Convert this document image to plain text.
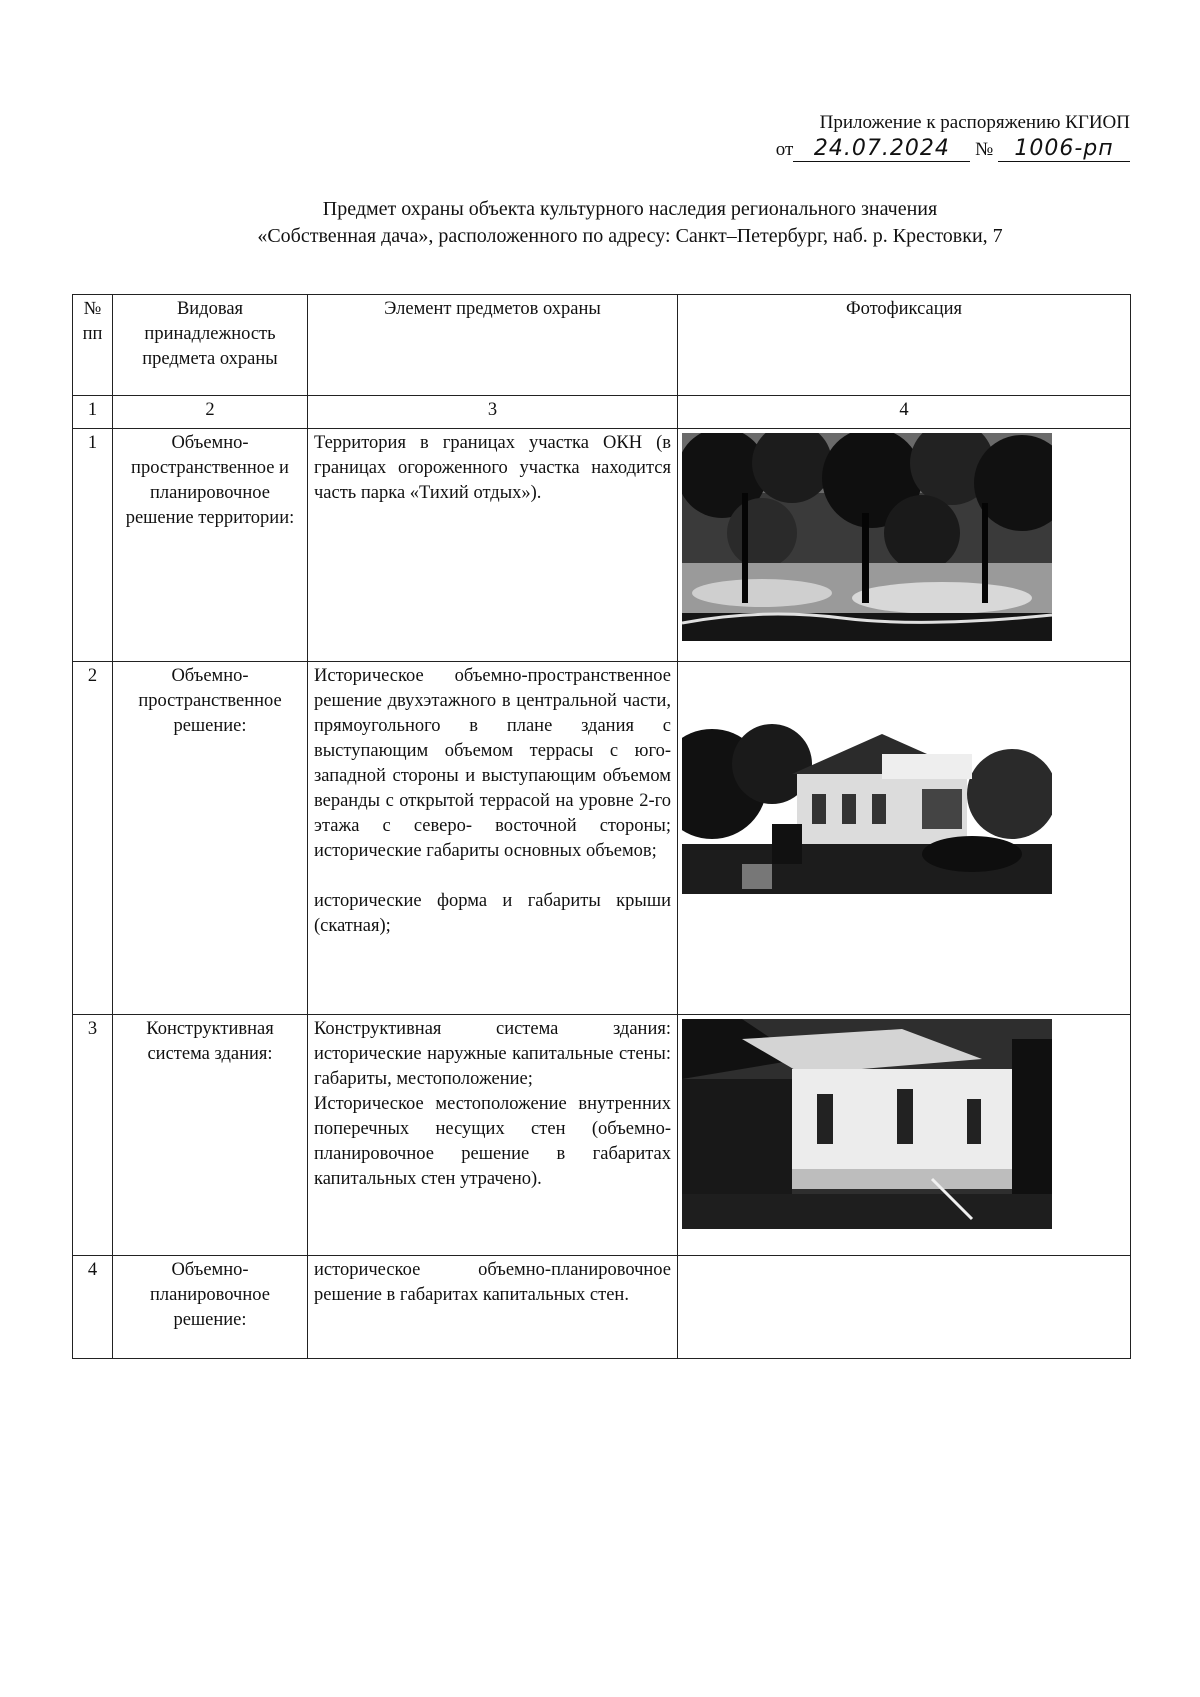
Приложение к распоряжению КГИОП
от 24.07.2024 № 1006-рп
Предмет охраны объекта культурного наследия регионального значения
«Собственная дача», расположенного по адресу: Санкт–Петербург, наб. р. Крестовки, 7
№ пп	Видовая принадлежность предмета охраны	Элемент предметов охраны	Фотофиксация
1	2	3	4
1	Объемно-пространственное и планировочное решение территории:	Территория в границах участка ОКН (в границах огороженного участка находится часть парка «Тихий отдых»).

2	Объемно-пространственное решение:	Историческое объемно-пространственное решение двухэтажного в центральной части, прямоугольного в плане здания с выступающим объемом террасы с юго-западной стороны и выступающим объемом веранды с открытой террасой на уровне 2-го этажа с северо- восточной стороны; исторические габариты основных объемов;
исторические форма и габариты крыши (скатная);

3	Конструктивная система здания:	Конструктивная система здания: исторические наружные капитальные стены: габариты, местоположение;
Историческое местоположение внутренних поперечных несущих стен (объемно-планировочное решение в габаритах капитальных стен утрачено).

4	Объемно-планировочное решение:	историческое объемно-планировочное решение в габаритах капитальных стен.	
